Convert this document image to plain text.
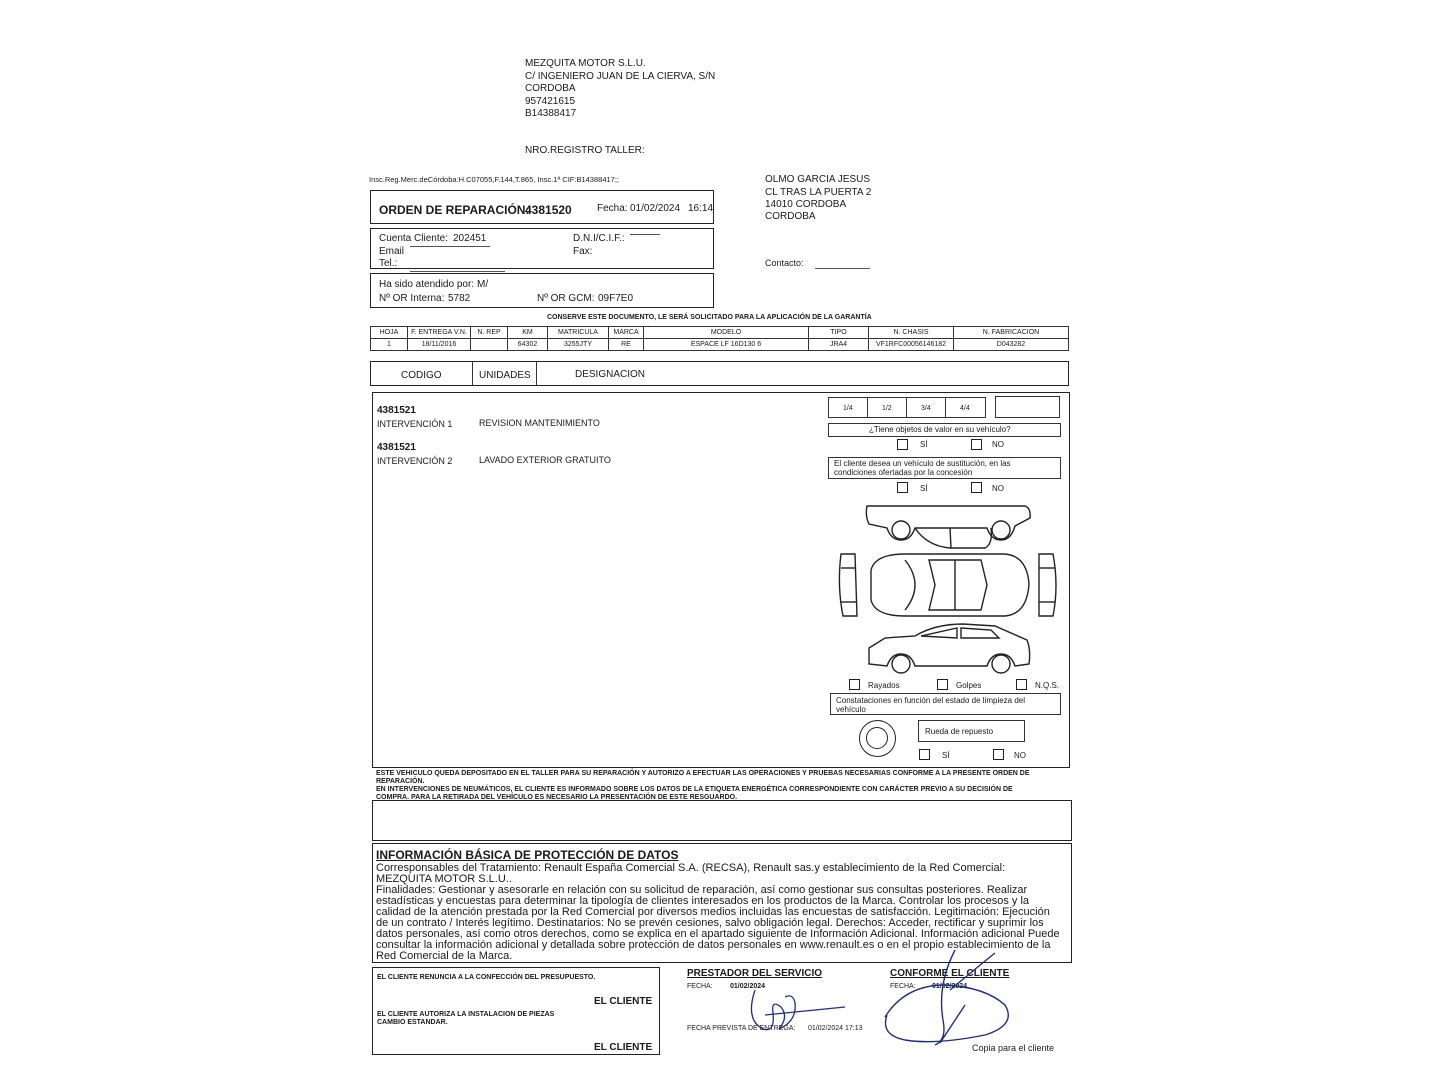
MEZQUITA MOTOR S.L.U.
C/ INGENIERO JUAN DE LA CIERVA, S/N
CORDOBA
957421615
B14388417
NRO.REGISTRO TALLER:
Insc.Reg.Merc.deCórdoba:H.C07055,F.144,T.865, Insc.1ª CIF:B14388417;;	OLMO GARCIA JESUS
CL TRAS LA PUERTA 2
14010 CORDOBA
CORDOBA
Contacto:
ORDEN DE REPARACIÓN:
4381520	Fecha: 01/02/2024 16:14
Cuenta Cliente: 202451	D.N.I/C.I.F.:
Email	Fax:
Tel.:
Ha sido atendido por: M/
Nº OR Interna: 5782	Nº OR GCM: 09F7E0
CONSERVE ESTE DOCUMENTO, LE SERÁ SOLICITADO PARA LA APLICACIÓN DE LA GARANTÍA
HOJA	F. ENTREGA V.N.	N. REP	KM	MATRICULA	MARCA	MODELO	TIPO	N. CHASIS	N. FABRICACION
1	18/11/2016		64302	3255JTY	RE	ESPACE LF 16D130 6	JRA4	VF1RFC00056146182	D043282
CODIGO	UNIDADES	DESIGNACION
4381521
INTERVENCIÓN 1	REVISION MANTENIMIENTO
4381521
INTERVENCIÓN 2	LAVADO EXTERIOR GRATUITO
1/4	1/2	3/4	4/4
¿Tiene objetos de valor en su vehículo?
SÍ	NO
El cliente desea un vehículo de sustitución, en las
condiciones ofertadas por la concesión
SÍ	NO
Rayados	Golpes	N.Q.S.
Constataciones en función del estado de limpieza del
vehículo
Rueda de repuesto
SÍ	NO
ESTE VEHICULO QUEDA DEPOSITADO EN EL TALLER PARA SU REPARACIÓN Y AUTORIZO A EFECTUAR LAS OPERACIONES Y PRUEBAS NECESARIAS CONFORME A LA PRESENTE ORDEN DE
REPARACIÓN.
EN INTERVENCIONES DE NEUMÁTICOS, EL CLIENTE ES INFORMADO SOBRE LOS DATOS DE LA ETIQUETA ENERGÉTICA CORRESPONDIENTE CON CARÁCTER PREVIO A SU DECISIÓN DE
COMPRA. PARA LA RETIRADA DEL VEHÍCULO ES NECESARIO LA PRESENTACIÓN DE ESTE RESGUARDO.
INFORMACIÓN BÁSICA DE PROTECCIÓN DE DATOS
Corresponsables del Tratamiento: Renault España Comercial S.A. (RECSA), Renault sas.y establecimiento de la Red Comercial:
MEZQUITA MOTOR S.L.U..
Finalidades: Gestionar y asesorarle en relación con su solicitud de reparación, así como gestionar sus consultas posteriores. Realizar
estadísticas y encuestas para determinar la tipología de clientes interesados en los productos de la Marca. Controlar los procesos y la
calidad de la atención prestada por la Red Comercial por diversos medios incluidas las encuestas de satisfacción. Legitimación: Ejecución
de un contrato / Interés legítimo. Destinatarios: No se prevén cesiones, salvo obligación legal. Derechos: Acceder, rectificar y suprimir los
datos personales, así como otros derechos, como se explica en el apartado siguiente de Información Adicional. Información adicional Puede
consultar la información adicional y detallada sobre protección de datos personales en www.renault.es o en el propio establecimiento de la
Red Comercial de la Marca.
EL CLIENTE RENUNCIA A LA CONFECCIÓN DEL PRESUPUESTO.
EL CLIENTE
EL CLIENTE AUTORIZA LA INSTALACION DE PIEZAS
CAMBIO ESTANDAR.
EL CLIENTE
PRESTADOR DEL SERVICIO
FECHA: 01/02/2024
FECHA PREVISTA DE ENTREGA: 01/02/2024 17:13
CONFORME EL CLIENTE
FECHA: 01/02/2024
Copia para el cliente
